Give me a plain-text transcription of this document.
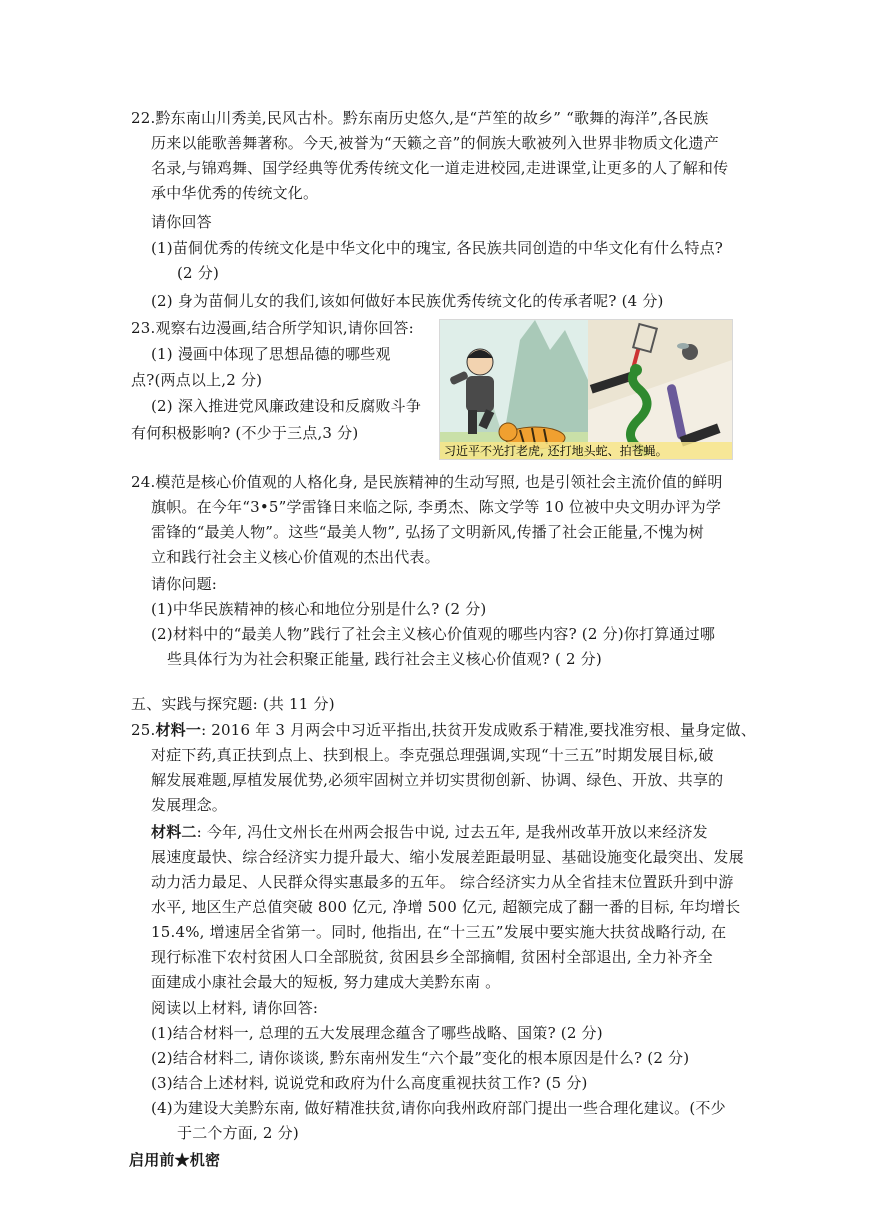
22.黔东南山川秀美,民风古朴。黔东南历史悠久,是“芦笙的故乡” “歌舞的海洋”,各民族
历来以能歌善舞著称。今天,被誉为“天籁之音”的侗族大歌被列入世界非物质文化遗产
名录,与锦鸡舞、国学经典等优秀传统文化一道走进校园,走进课堂,让更多的人了解和传
承中华优秀的传统文化。
请你回答
(1)苗侗优秀的传统文化是中华文化中的瑰宝, 各民族共同创造的中华文化有什么特点?
(2 分)
(2) 身为苗侗儿女的我们,该如何做好本民族优秀传统文化的传承者呢? (4 分)
23.观察右边漫画,结合所学知识,请你回答:
(1) 漫画中体现了思想品德的哪些观
点?(两点以上,2 分)
(2) 深入推进党风廉政建设和反腐败斗争
有何积极影响? (不少于三点,3 分)
习近平不光打老虎, 还打地头蛇、拍苍蝇。
24.模范是核心价值观的人格化身, 是民族精神的生动写照, 也是引领社会主流价值的鲜明
旗帜。在今年“3•5”学雷锋日来临之际, 李勇杰、陈文学等 10 位被中央文明办评为学
雷锋的“最美人物”。这些“最美人物”, 弘扬了文明新风,传播了社会正能量,不愧为树
立和践行社会主义核心价值观的杰出代表。
请你问题:
(1)中华民族精神的核心和地位分别是什么? (2 分)
(2)材料中的“最美人物”践行了社会主义核心价值观的哪些内容? (2 分)你打算通过哪
些具体行为为社会积聚正能量, 践行社会主义核心价值观? ( 2 分)
五、实践与探究题: (共 11 分)
25.材料一: 2016 年 3 月两会中习近平指出,扶贫开发成败系于精准,要找准穷根、量身定做、
对症下药,真正扶到点上、扶到根上。李克强总理强调,实现“十三五”时期发展目标,破
解发展难题,厚植发展优势,必须牢固树立并切实贯彻创新、协调、绿色、开放、共享的
发展理念。
材料二: 今年, 冯仕文州长在州两会报告中说, 过去五年, 是我州改革开放以来经济发
展速度最快、综合经济实力提升最大、缩小发展差距最明显、基础设施变化最突出、发展
动力活力最足、人民群众得实惠最多的五年。 综合经济实力从全省挂末位置跃升到中游
水平, 地区生产总值突破 800 亿元, 净增 500 亿元, 超额完成了翻一番的目标, 年均增长
15.4%, 增速居全省第一。同时, 他指出, 在“十三五”发展中要实施大扶贫战略行动, 在
现行标准下农村贫困人口全部脱贫, 贫困县乡全部摘帽, 贫困村全部退出, 全力补齐全
面建成小康社会最大的短板, 努力建成大美黔东南 。
阅读以上材料, 请你回答:
(1)结合材料一, 总理的五大发展理念蕴含了哪些战略、国策? (2 分)
(2)结合材料二, 请你谈谈, 黔东南州发生“六个最”变化的根本原因是什么? (2 分)
(3)结合上述材料, 说说党和政府为什么高度重视扶贫工作? (5 分)
(4)为建设大美黔东南, 做好精准扶贫,请你向我州政府部门提出一些合理化建议。(不少
于二个方面, 2 分)
启用前★机密
